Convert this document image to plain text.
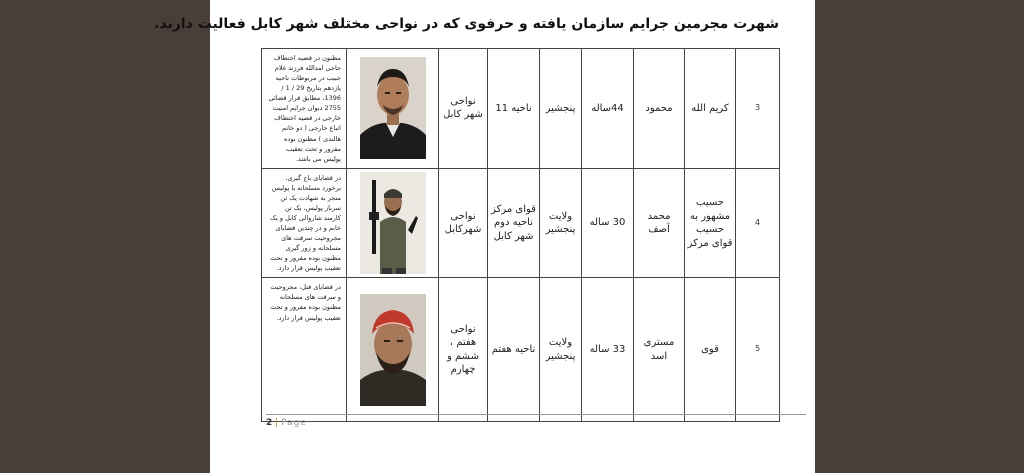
شهرت مجرمین جرایم سازمان یافته و حرفوی که در نواحی مختلف شهر کابل فعالیت دارند.
مظنون در قضیه اختطاف حاجی امدالله فرزند غلام حبیب در مربوطات ناحیه یازدهم بتاریخ 29 / 1 / 1396، مطابق قرار قضائی 2755 دیوان جرایم امنیت خارجی در قضیه اختطاف اتباع خارجی ( دو خانم هالندی ) مظنون بوده مفرور و تحت تعقیب پولیس می باشد.		نواحی شهر کابل	ناحیه 11	پنجشیر	44ساله	محمود	کریم الله	3
در قضایای باج گیری، برخورد مسلحانه با پولیس منجر به شهادت یک تن سرباز پولیس، یک تن کارمند شاروالی کابل و یک خانم و در چندین قضایای مجروحیت سرقت های مسلحانه و زور گیری مظنون بوده مفرور و تحت تعقیب پولیس قرار دارد.		نواحی شهرکابل	قوای مرکز ناحیه دوم شهر کابل	ولایت پنجشیر	30 ساله	محمد آصف	حسیب مشهور به حسیب قوای مرکز	4
در قضایای قتل، مجروحیت و سرقت های مسلحانه مظنون بوده مفرور و تحت تعقیب پولیس قرار دارد.		نواحی هفتم ، ششم و چهارم	ناحیه هفتم	ولایت پنجشیر	33 ساله	مستری اسد	قوی	5
2 | Page
